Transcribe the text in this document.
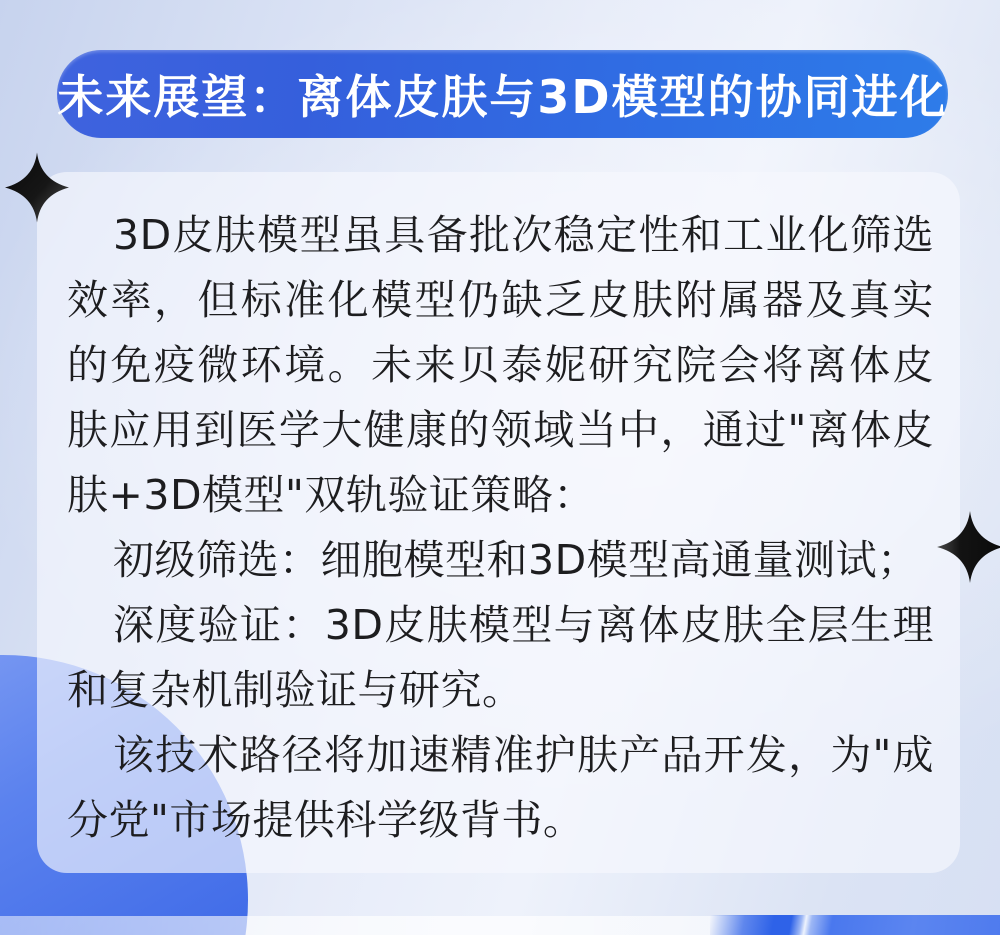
未来展望：离体皮肤与3D模型的协同进化

3D皮肤模型虽具备批次稳定性和工业化筛选效率，但标准化模型仍缺乏皮肤附属器及真实的免疫微环境。未来贝泰妮研究院会将离体皮肤应用到医学大健康的领域当中，通过"离体皮肤+3D模型"双轨验证策略：

初级筛选：细胞模型和3D模型高通量测试；

深度验证：3D皮肤模型与离体皮肤全层生理和复杂机制验证与研究。

该技术路径将加速精准护肤产品开发，为"成分党"市场提供科学级背书。
